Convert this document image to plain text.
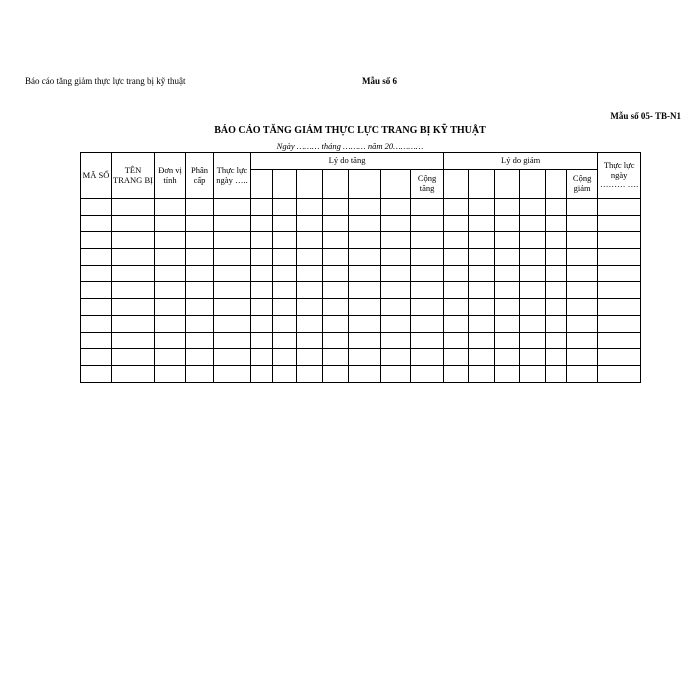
Báo cáo tăng giảm thực lực trang bị kỹ thuật	Mẫu số 6
Mẫu số 05- TB-N1
BÁO CÁO TĂNG GIẢM THỰC LỰC TRANG BỊ KỸ THUẬT
Ngày ……… tháng ……… năm 20…………
MÃ SỐ	TÊN TRANG BỊ	Đơn vị tính	Phân cấp	Thực lực ngày …..	Lý do tăng							Lý do giảm						Thực lực ngày ……… ….
											Cộng tăng						Cộng giảm	
